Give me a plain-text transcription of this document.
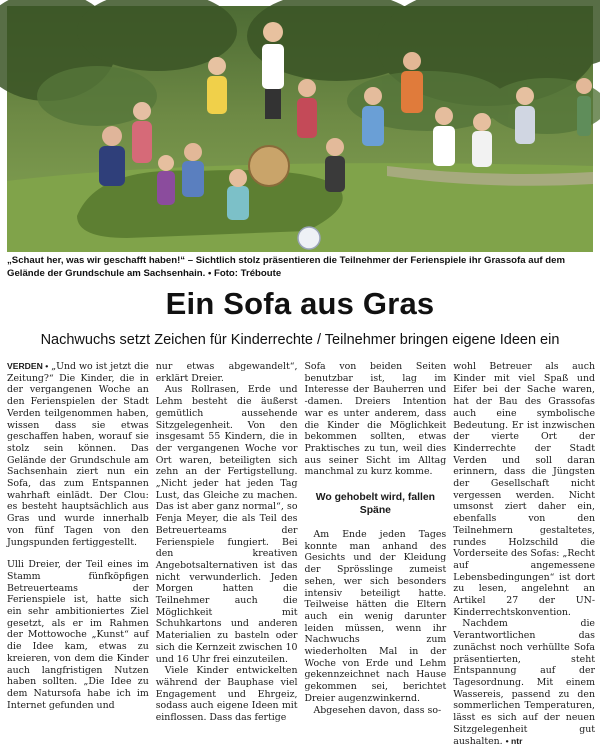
„Schaut her, was wir geschafft haben!“ – Sichtlich stolz präsentieren die Teilnehmer der Ferienspiele ihr Grassofa auf dem Gelände der Grundschule am Sachsenhain. • Foto: Tréboute
Ein Sofa aus Gras
Nachwuchs setzt Zeichen für Kinderrechte / Teilnehmer bringen eigene Ideen ein

VERDEN • „Und wo ist jetzt die Zeitung?“ Die Kinder, die in der vergangenen Woche an den Ferienspielen der Stadt Verden teilgenommen haben, wissen dass sie etwas geschaffen haben, worauf sie stolz sein können. Das Gelände der Grundschule am Sachsenhain ziert nun ein Sofa, das zum Entspannen wahrhaft einlädt. Der Clou: es besteht hauptsächlich aus Gras und wurde innerhalb von fünf Tagen von den Jungspunden fertiggestellt.

Ulli Dreier, der Teil eines im Stamm fünfköpfigen Betreuerteams der Ferienspiele ist, hatte sich ein sehr ambitioniertes Ziel gesetzt, als er im Rahmen der Mottowoche „Kunst“ auf die Idee kam, etwas zu kreieren, von dem die Kinder auch langfristigen Nutzen haben sollten. „Die Idee zu dem Natursofa habe ich im Internet gefunden und

nur etwas abgewandelt“, erklärt Dreier.

Aus Rollrasen, Erde und Lehm besteht die äußerst gemütlich aussehende Sitzgelegenheit. Von den insgesamt 55 Kindern, die in der vergangenen Woche vor Ort waren, beteiligten sich zehn an der Fertigstellung. „Nicht jeder hat jeden Tag Lust, das Gleiche zu machen. Das ist aber ganz normal“, so Fenja Meyer, die als Teil des Betreuerteams der Ferienspiele fungiert. Bei den kreativen Angebotsalternativen ist das nicht verwunderlich. Jeden Morgen hatten die Teilnehmer auch die Möglichkeit mit Schuhkartons und anderen Materialien zu basteln oder sich die Kernzeit zwischen 10 und 16 Uhr frei einzuteilen.

Viele Kinder entwickelten während der Bauphase viel Engagement und Ehrgeiz, sodass auch eigene Ideen mit einflossen. Dass das fertige

Sofa von beiden Seiten benutzbar ist, lag im Interesse der Bauherren und -damen. Dreiers Intention war es unter anderem, dass die Kinder die Möglichkeit bekommen sollten, etwas Praktisches zu tun, weil dies aus seiner Sicht im Alltag manchmal zu kurz komme.

Wo gehobelt wird, fallen Späne

Am Ende jeden Tages konnte man anhand des Gesichts und der Kleidung der Sprösslinge zumeist sehen, wer sich besonders intensiv beteiligt hatte. Teilweise hätten die Eltern auch ein wenig darunter leiden müssen, wenn ihr Nachwuchs zum wiederholten Mal in der Woche von Erde und Lehm gekennzeichnet nach Hause gekommen sei, berichtet Dreier augenzwinkernd.

Abgesehen davon, dass so-

wohl Betreuer als auch Kinder mit viel Spaß und Eifer bei der Sache waren, hat der Bau des Grassofas auch eine symbolische Bedeutung. Er ist inzwischen der vierte Ort der Kinderrechte der Stadt Verden und soll daran erinnern, dass die Jüngsten der Gesellschaft nicht vergessen werden. Nicht umsonst ziert daher ein, ebenfalls von den Teilnehmern gestaltetes, rundes Holzschild die Vorderseite des Sofas: „Recht auf angemessene Lebensbedingungen“ ist dort zu lesen, angelehnt an Artikel 27 der UN-Kinderrechtskonvention.

Nachdem die Verantwortlichen das zunächst noch verhüllte Sofa präsentierten, steht Entspannung auf der Tagesordnung. Mit einem Wassereis, passend zu den sommerlichen Temperaturen, lässt es sich auf der neuen Sitzgelegenheit gut aushalten. • ntr
